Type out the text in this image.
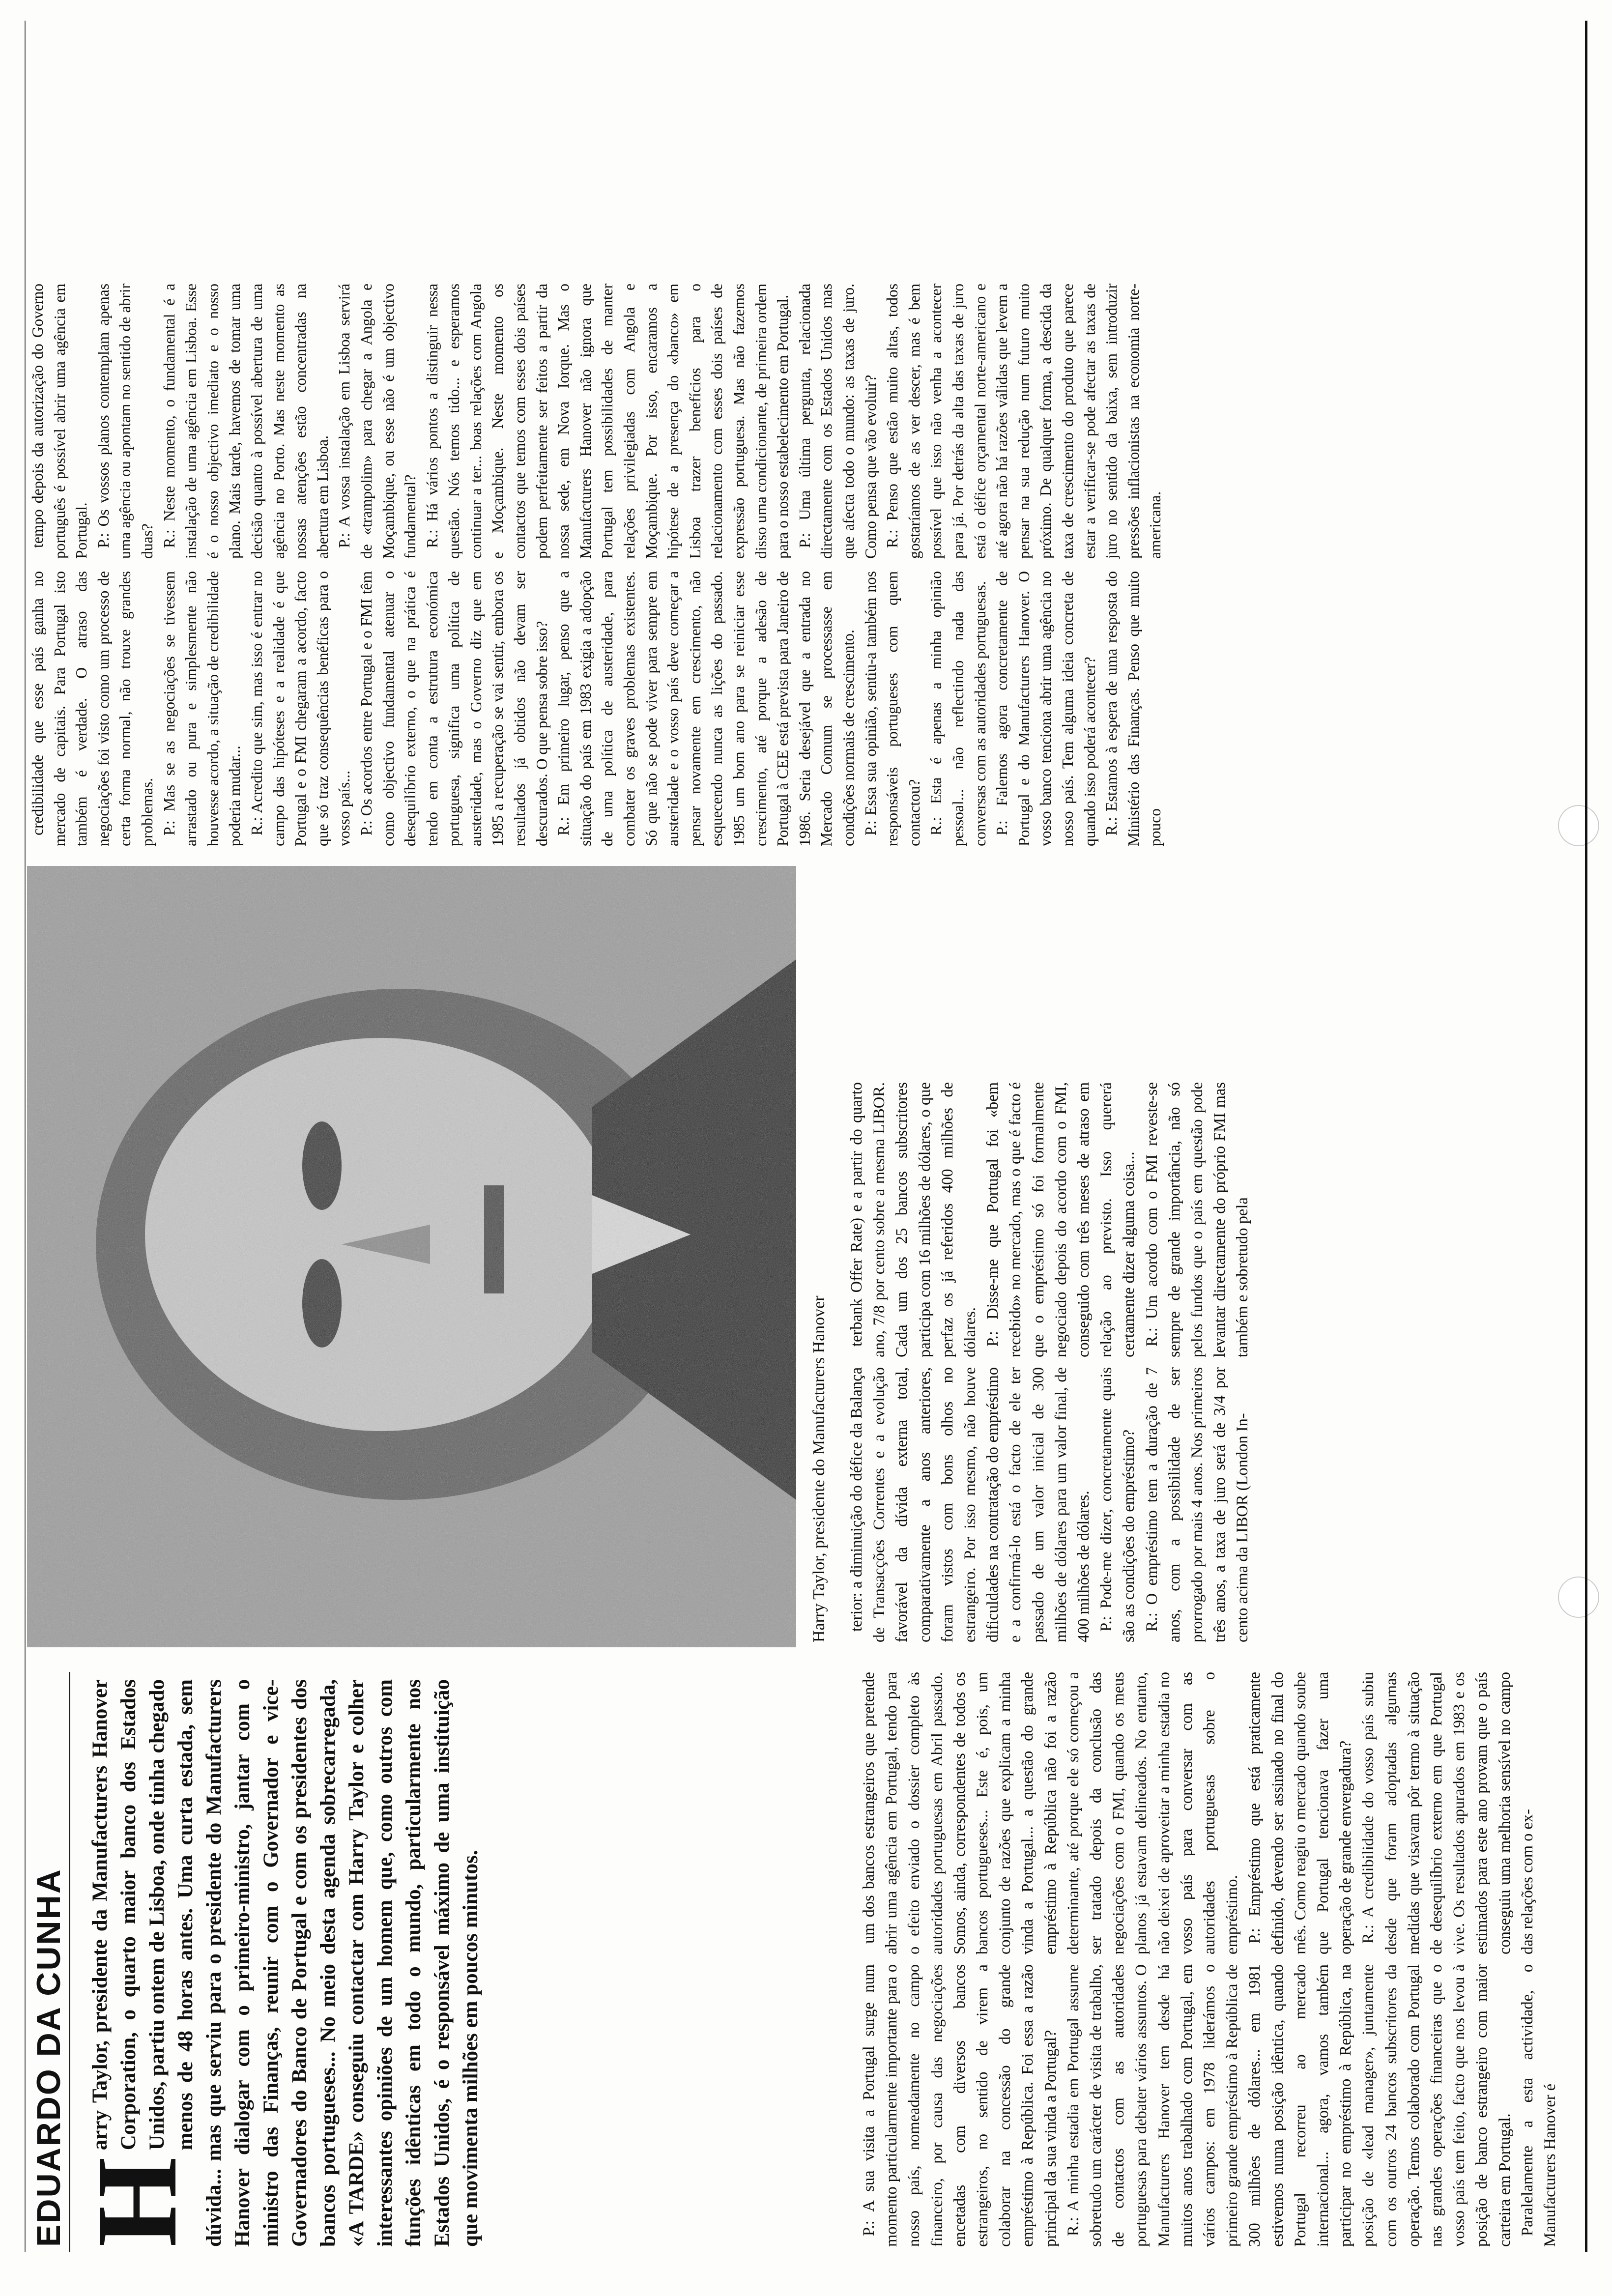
EDUARDO DA CUNHA H
arry Taylor, presidente da Manufacturers Hanover Corporation, o quarto maior banco dos Estados Unidos, partiu ontem de Lisboa, onde tinha chegado menos de 48 horas antes. Uma curta estada, sem dúvida... mas que serviu para o presidente do Manufacturers Hanover dialogar com o primeiro-ministro, jantar com o ministro das Finanças, reunir com o Governador e vice-Governadores do Banco de Portugal e com os presidentes dos bancos portugueses... No meio desta agenda sobrecarregada, «A TARDE» conseguiu contactar com Harry Taylor e colher interessantes opiniões de um homem que, como outros com funções idênticas em todo o mundo, particularmente nos Estados Unidos, é o responsável máximo de uma instituição que movimenta milhões em poucos minutos.
Harry Taylor, presidente do Manufacturers Hanover

P.: A sua visita a Portugal surge num momento particularmente importante para o nosso país, nomeadamente no campo financeiro, por causa das negociações encetadas com diversos bancos estrangeiros, no sentido de virem a colaborar na concessão do grande empréstimo à República. Foi essa a razão principal da sua vinda a Portugal? R.: A minha estadia em Portugal assume sobretudo um carácter de visita de trabalho, de contactos com as autoridades portuguesas para debater vários assuntos. O Manufacturers Hanover tem desde há muitos anos trabalhado com Portugal, em vários campos: em 1978 liderámos o primeiro grande empréstimo à República de 300 milhões de dólares... em 1981 estivemos numa posição idêntica, quando Portugal recorreu ao mercado internacional... agora, vamos também participar no empréstimo à República, na posição de «lead manager», juntamente com os outros 24 bancos subscritores da operação. Temos colaborado com Portugal nas grandes operações financeiras que o vosso país tem feito, facto que nos levou à posição de banco estrangeiro com maior carteira em Portugal. Paralelamente a esta actividade, o Manufacturers Hanover é

um dos bancos estrangeiros que pretende abrir uma agência em Portugal, tendo para o efeito enviado o dossier completo às autoridades portuguesas em Abril passado. Somos, ainda, correspondentes de todos os bancos portugueses... Este é, pois, um conjunto de razões que explicam a minha vinda a Portugal... a questão do grande empréstimo à República não foi a razão determinante, até porque ele só começou a ser tratado depois da conclusão das negociações com o FMI, quando os meus planos já estavam delineados. No entanto, não deixei de aproveitar a minha estadia no vosso país para conversar com as autoridades portuguesas sobre o empréstimo. P.: Empréstimo que está praticamente definido, devendo ser assinado no final do mês. Como reagiu o mercado quando soube que Portugal tencionava fazer uma operação de grande envergadura? R.: A credibilidade do vosso país subiu desde que foram adoptadas algumas medidas que visavam pôr termo à situação de desequilíbrio externo em que Portugal vive. Os resultados apurados em 1983 e os estimados para este ano provam que o país conseguiu uma melhoria sensível no campo das relações com o ex-

terior: a diminuição do défice da Balança de Transacções Correntes e a evolução favorável da dívida externa total, comparativamente a anos anteriores, foram vistos com bons olhos no estrangeiro. Por isso mesmo, não houve dificuldades na contratação do empréstimo e a confirmá-lo está o facto de ele ter passado de um valor inicial de 300 milhões de dólares para um valor final, de 400 milhões de dólares. P.: Pode-me dizer, concretamente quais são as condições do empréstimo? R.: O empréstimo tem a duração de 7 anos, com a possibilidade de ser prorrogado por mais 4 anos. Nos primeiros três anos, a taxa de juro será de 3/4 por cento acima da LIBOR (London In-

terbank Offer Rate) e a partir do quarto ano, 7/8 por cento sobre a mesma LIBOR. Cada um dos 25 bancos subscritores participa com 16 milhões de dólares, o que perfaz os já referidos 400 milhões de dólares. P.: Disse-me que Portugal foi «bem recebido» no mercado, mas o que é facto é que o empréstimo só foi formalmente negociado depois do acordo com o FMI, conseguido com três meses de atraso em relação ao previsto. Isso quererá certamente dizer alguma coisa... R.: Um acordo com o FMI reveste-se sempre de grande importância, não só pelos fundos que o país em questão pode levantar directamente do próprio FMI mas também e sobretudo pela

credibilidade que esse país ganha no mercado de capitais. Para Portugal isto também é verdade. O atraso das negociações foi visto como um processo de certa forma normal, não trouxe grandes problemas. P.: Mas se as negociações se tivessem arrastado ou pura e simplesmente não houvesse acordo, a situação de credibilidade poderia mudar... R.: Acredito que sim, mas isso é entrar no campo das hipóteses e a realidade é que Portugal e o FMI chegaram a acordo, facto que só traz consequências benéficas para o vosso país... P.: Os acordos entre Portugal e o FMI têm como objectivo fundamental atenuar o desequilíbrio externo, o que na prática é tendo em conta a estrutura económica portuguesa, significa uma política de austeridade, mas o Governo diz que em 1985 a recuperação se vai sentir, embora os resultados já obtidos não devam ser descurados. O que pensa sobre isso? R.: Em primeiro lugar, penso que a situação do país em 1983 exigia a adopção de uma política de austeridade, para combater os graves problemas existentes. Só que não se pode viver para sempre em austeridade e o vosso país deve começar a pensar novamente em crescimento, não esquecendo nunca as lições do passado. 1985 um bom ano para se reiniciar esse crescimento, até porque a adesão de Portugal à CEE está prevista para Janeiro de 1986. Seria desejável que a entrada no Mercado Comum se processasse em condições normais de crescimento. P.: Essa sua opinião, sentiu-a também nos responsáveis portugueses com quem contactou? R.: Esta é apenas a minha opinião pessoal... não reflectindo nada das conversas com as autoridades portuguesas. P.: Falemos agora concretamente de Portugal e do Manufacturers Hanover. O vosso banco tenciona abrir uma agência no nosso país. Tem alguma ideia concreta de quando isso poderá acontecer? R.: Estamos à espera de uma resposta do Ministério das Finanças. Penso que muito pouco

tempo depois da autorização do Governo português é possível abrir uma agência em Portugal. P.: Os vossos planos contemplam apenas uma agência ou apontam no sentido de abrir duas? R.: Neste momento, o fundamental é a instalação de uma agência em Lisboa. Esse é o nosso objectivo imediato e o nosso plano. Mais tarde, havemos de tomar uma decisão quanto à possível abertura de uma agência no Porto. Mas neste momento as nossas atenções estão concentradas na abertura em Lisboa. P.: A vossa instalação em Lisboa servirá de «trampolim» para chegar a Angola e Moçambique, ou esse não é um objectivo fundamental? R.: Há vários pontos a distinguir nessa questão. Nós temos tido... e esperamos continuar a ter... boas relações com Angola e Moçambique. Neste momento os contactos que temos com esses dois países podem perfeitamente ser feitos a partir da nossa sede, em Nova Iorque. Mas o Manufacturers Hanover não ignora que Portugal tem possibilidades de manter relações privilegiadas com Angola e Moçambique. Por isso, encaramos a hipótese de a presença do «banco» em Lisboa trazer benefícios para o relacionamento com esses dois países de expressão portuguesa. Mas não fazemos disso uma condicionante, de primeira ordem para o nosso estabelecimento em Portugal. P.: Uma última pergunta, relacionada directamente com os Estados Unidos mas que afecta todo o mundo: as taxas de juro. Como pensa que vão evoluir? R.: Penso que estão muito altas, todos gostaríamos de as ver descer, mas é bem possível que isso não venha a acontecer para já. Por detrás da alta das taxas de juro está o défice orçamental norte-americano e até agora não há razões válidas que levem a pensar na sua redução num futuro muito próximo. De qualquer forma, a descida da taxa de crescimento do produto que parece estar a verificar-se pode afectar as taxas de juro no sentido da baixa, sem introduzir pressões inflacionistas na economia norte-americana.
